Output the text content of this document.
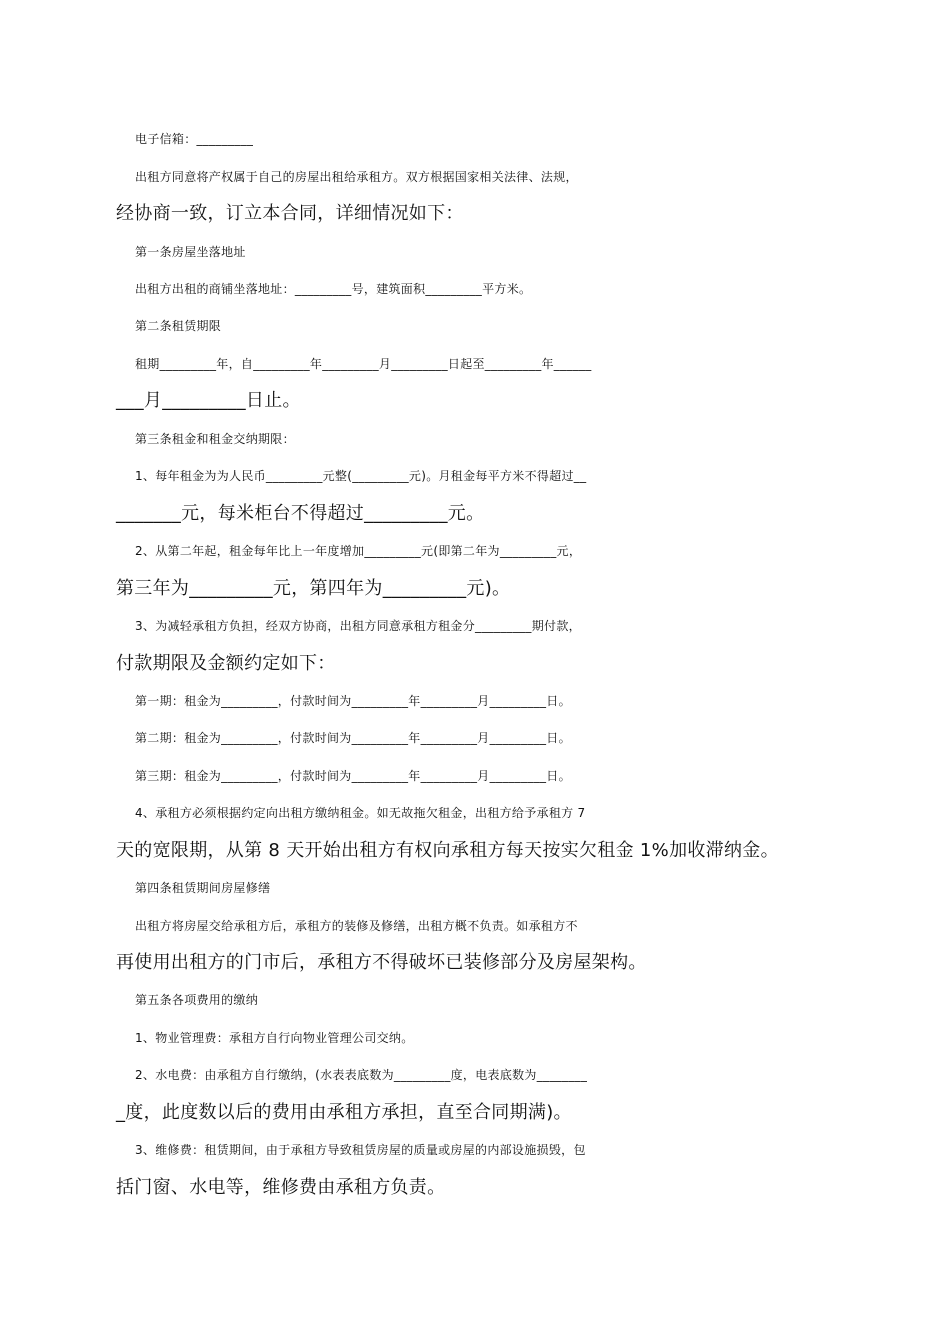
电子信箱：_________
出租方同意将产权属于自己的房屋出租给承租方。双方根据国家相关法律、法规，
经协商一致，订立本合同，详细情况如下：
第一条房屋坐落地址
出租方出租的商铺坐落地址：_________号，建筑面积_________平方米。
第二条租赁期限
租期_________年，自_________年_________月_________日起至_________年______
___月_________日止。
第三条租金和租金交纳期限：
1、每年租金为为人民币_________元整(_________元)。月租金每平方米不得超过__
_______元，每米柜台不得超过_________元。
2、从第二年起，租金每年比上一年度增加_________元(即第二年为_________元，
第三年为_________元，第四年为_________元)。
3、为减轻承租方负担，经双方协商，出租方同意承租方租金分_________期付款，
付款期限及金额约定如下：
第一期：租金为_________，付款时间为_________年_________月_________日。
第二期：租金为_________，付款时间为_________年_________月_________日。
第三期：租金为_________，付款时间为_________年_________月_________日。
4、承租方必须根据约定向出租方缴纳租金。如无故拖欠租金，出租方给予承租方 7
天的宽限期，从第 8 天开始出租方有权向承租方每天按实欠租金 1%加收滞纳金。
第四条租赁期间房屋修缮
出租方将房屋交给承租方后，承租方的装修及修缮，出租方概不负责。如承租方不
再使用出租方的门市后，承租方不得破坏已装修部分及房屋架构。
第五条各项费用的缴纳
1、物业管理费：承租方自行向物业管理公司交纳。
2、水电费：由承租方自行缴纳，(水表表底数为_________度，电表底数为________
_度，此度数以后的费用由承租方承担，直至合同期满)。
3、维修费：租赁期间，由于承租方导致租赁房屋的质量或房屋的内部设施损毁，包
括门窗、水电等，维修费由承租方负责。
